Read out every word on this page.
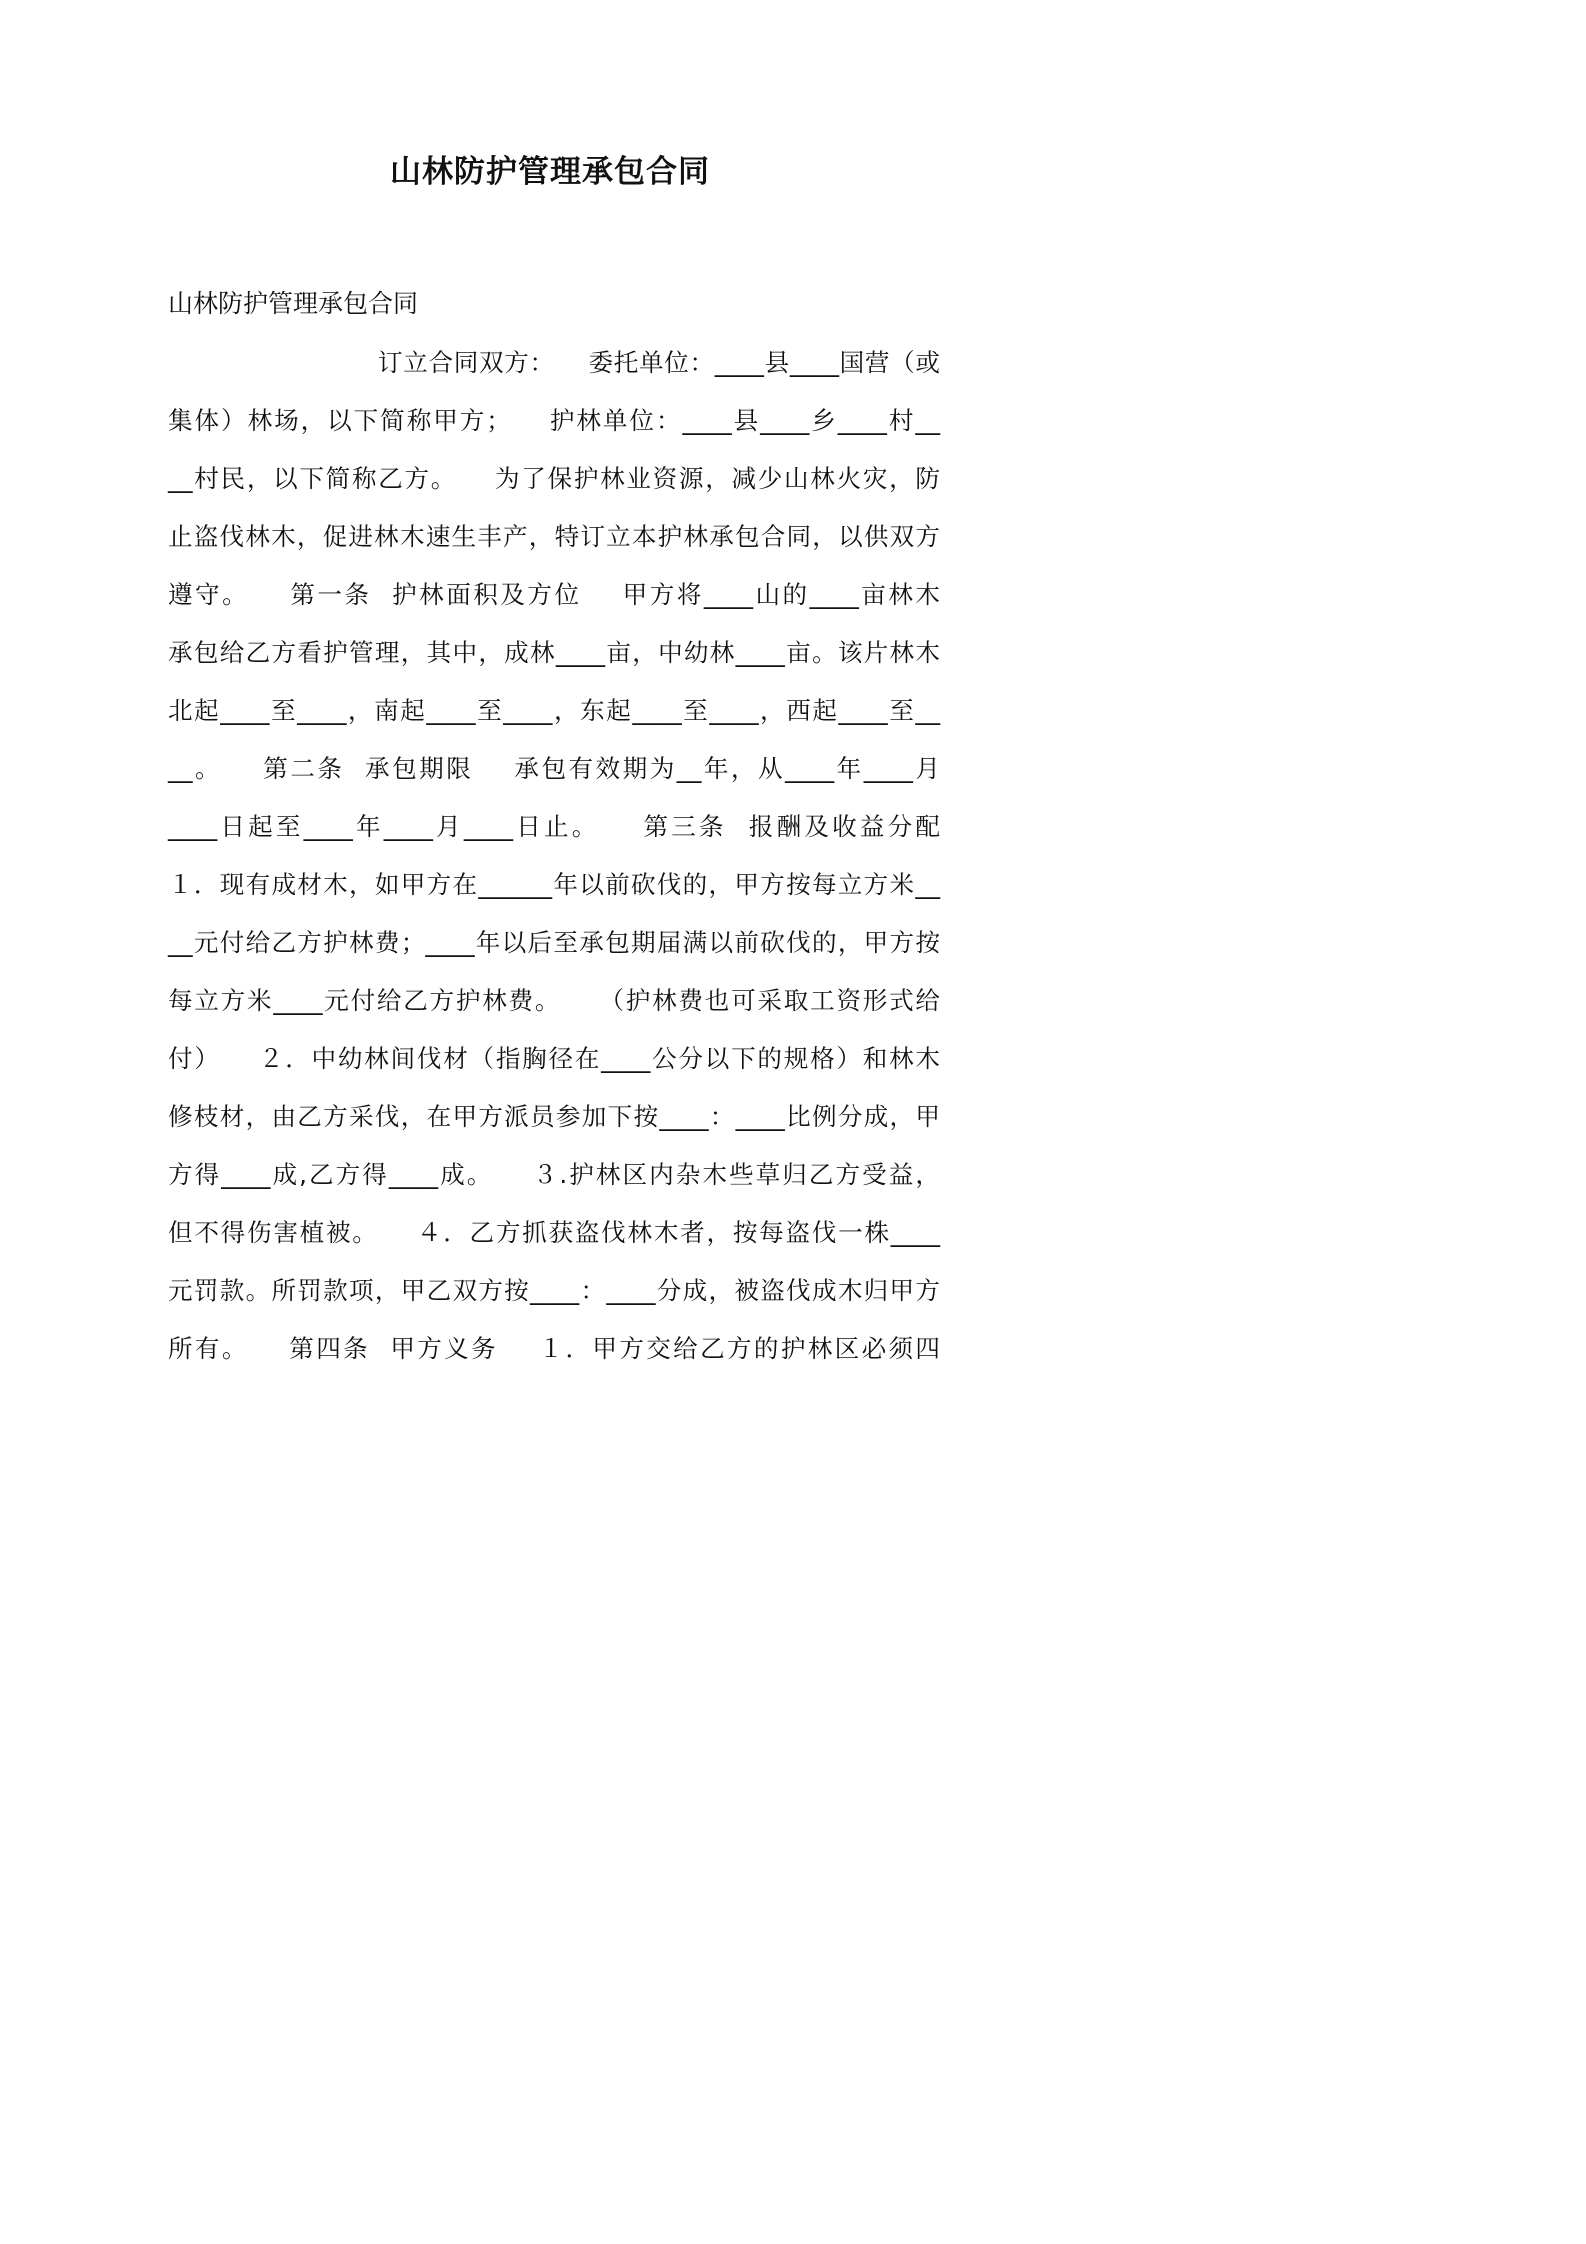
山林防护管理承包合同

山林防护管理承包合同

订立合同双方：    委托单位：____县____国营（或
集体）林场，以下简称甲方；    护林单位：____县____乡____村__
__村民，以下简称乙方。    为了保护林业资源，减少山林火灾，防
止盗伐林木，促进林木速生丰产，特订立本护林承包合同，以供双方
遵守。    第一条  护林面积及方位    甲方将____山的____亩林木
承包给乙方看护管理，其中，成林____亩，中幼林____亩。该片林木
北起____至____，南起____至____，东起____至____，西起____至__
__。    第二条  承包期限    承包有效期为__年，从____年____月
____日起至____年____月____日止。    第三条  报酬及收益分配
１．现有成材木，如甲方在______年以前砍伐的，甲方按每立方米__
__元付给乙方护林费；____年以后至承包期届满以前砍伐的，甲方按
每立方米____元付给乙方护林费。    （护林费也可采取工资形式给
付）    ２．中幼林间伐材（指胸径在____公分以下的规格）和林木
修枝材，由乙方采伐，在甲方派员参加下按____：____比例分成，甲
方得____成,乙方得____成。    ３.护林区内杂木些草归乙方受益，
但不得伤害植被。    ４．乙方抓获盗伐林木者，按每盗伐一株____
元罚款。所罚款项，甲乙双方按____：____分成，被盗伐成木归甲方
所有。    第四条  甲方义务    １．甲方交给乙方的护林区必须四
